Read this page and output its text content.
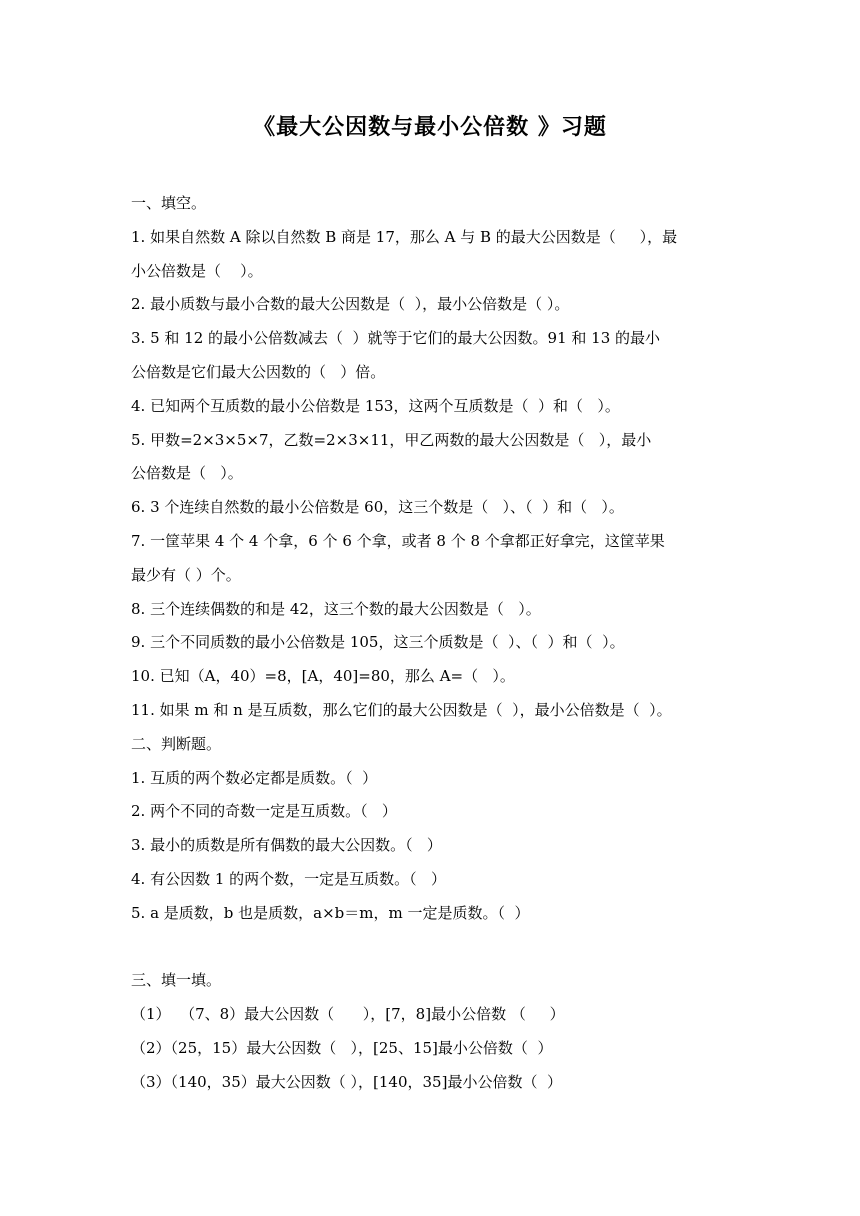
《最大公因数与最小公倍数 》习题
一、填空。
1. 如果自然数 A 除以自然数 B 商是 17，那么 A 与 B 的最大公因数是（     ），最
小公倍数是（    ）。
2. 最小质数与最小合数的最大公因数是（  ），最小公倍数是（ ）。
3. 5 和 12 的最小公倍数减去（  ）就等于它们的最大公因数。91 和 13 的最小
公倍数是它们最大公因数的（   ）倍。
4. 已知两个互质数的最小公倍数是 153，这两个互质数是（  ）和（   ）。
5. 甲数=2×3×5×7，乙数=2×3×11，甲乙两数的最大公因数是（   ），最小
公倍数是（   ）。
6. 3 个连续自然数的最小公倍数是 60，这三个数是（   ）、（  ）和（   ）。
7. 一筐苹果 4 个 4 个拿，6 个 6 个拿，或者 8 个 8 个拿都正好拿完，这筐苹果
最少有（ ）个。
8. 三个连续偶数的和是 42，这三个数的最大公因数是（   ）。
9. 三个不同质数的最小公倍数是 105，这三个质数是（  ）、（  ）和（  ）。
10. 已知（A，40）=8，[A，40]=80，那么 A=（   ）。
11. 如果 m 和 n 是互质数，那么它们的最大公因数是（  ），最小公倍数是（  ）。
二、判断题。
1. 互质的两个数必定都是质数。（  ）
2. 两个不同的奇数一定是互质数。（   ）
3. 最小的质数是所有偶数的最大公因数。（   ）
4. 有公因数 1 的两个数，一定是互质数。（   ）
5. a 是质数，b 也是质数，a×b＝m，m 一定是质数。（  ）
三、填一填。
（1）  （7、8）最大公因数（      ），[7，8]最小公倍数 （     ）
（2）（25，15）最大公因数（   ），[25、15]最小公倍数（  ）
（3）（140，35）最大公因数（ ），[140，35]最小公倍数（  ）
